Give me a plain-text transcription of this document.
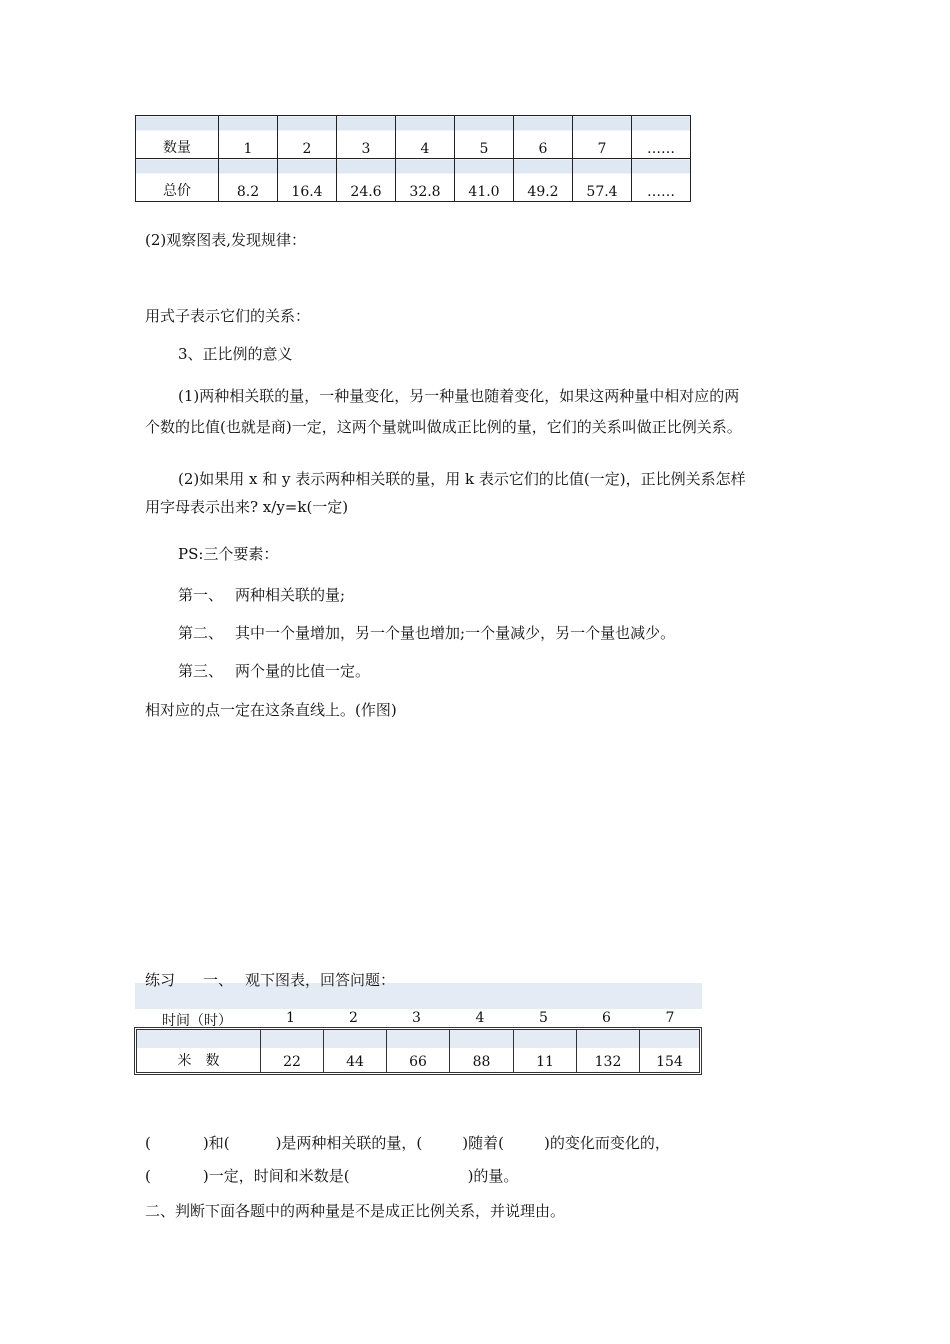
数量	1	2	3	4	5	6	7	……

总价	8.2	16.4	24.6	32.8	41.0	49.2	57.4	……
(2)观察图表,发现规律：
用式子表示它们的关系：
3、正比例的意义
(1)两种相关联的量，一种量变化，另一种量也随着变化，如果这两种量中相对应的两
个数的比值(也就是商)一定，这两个量就叫做成正比例的量，它们的关系叫做正比例关系。
(2)如果用 x 和 y 表示两种相关联的量，用 k 表示它们的比值(一定)，正比例关系怎样
用字母表示出来? x/y=k(一定)
PS:三个要素：
第一、 两种相关联的量;
第二、 其中一个量增加，另一个量也增加;一个量减少，另一个量也减少。
第三、 两个量的比值一定。
相对应的点一定在这条直线上。(作图)
练习 一、 观下图表，回答问题：
时间（时）	1	2	3	4	5	6	7
米　数	22	44	66	88	11	132	154
(	)和(	)是两种相关联的量，(	)随着(	)的变化而变化的，
(	)一定，时间和米数是(	)的量。
二、判断下面各题中的两种量是不是成正比例关系，并说理由。
